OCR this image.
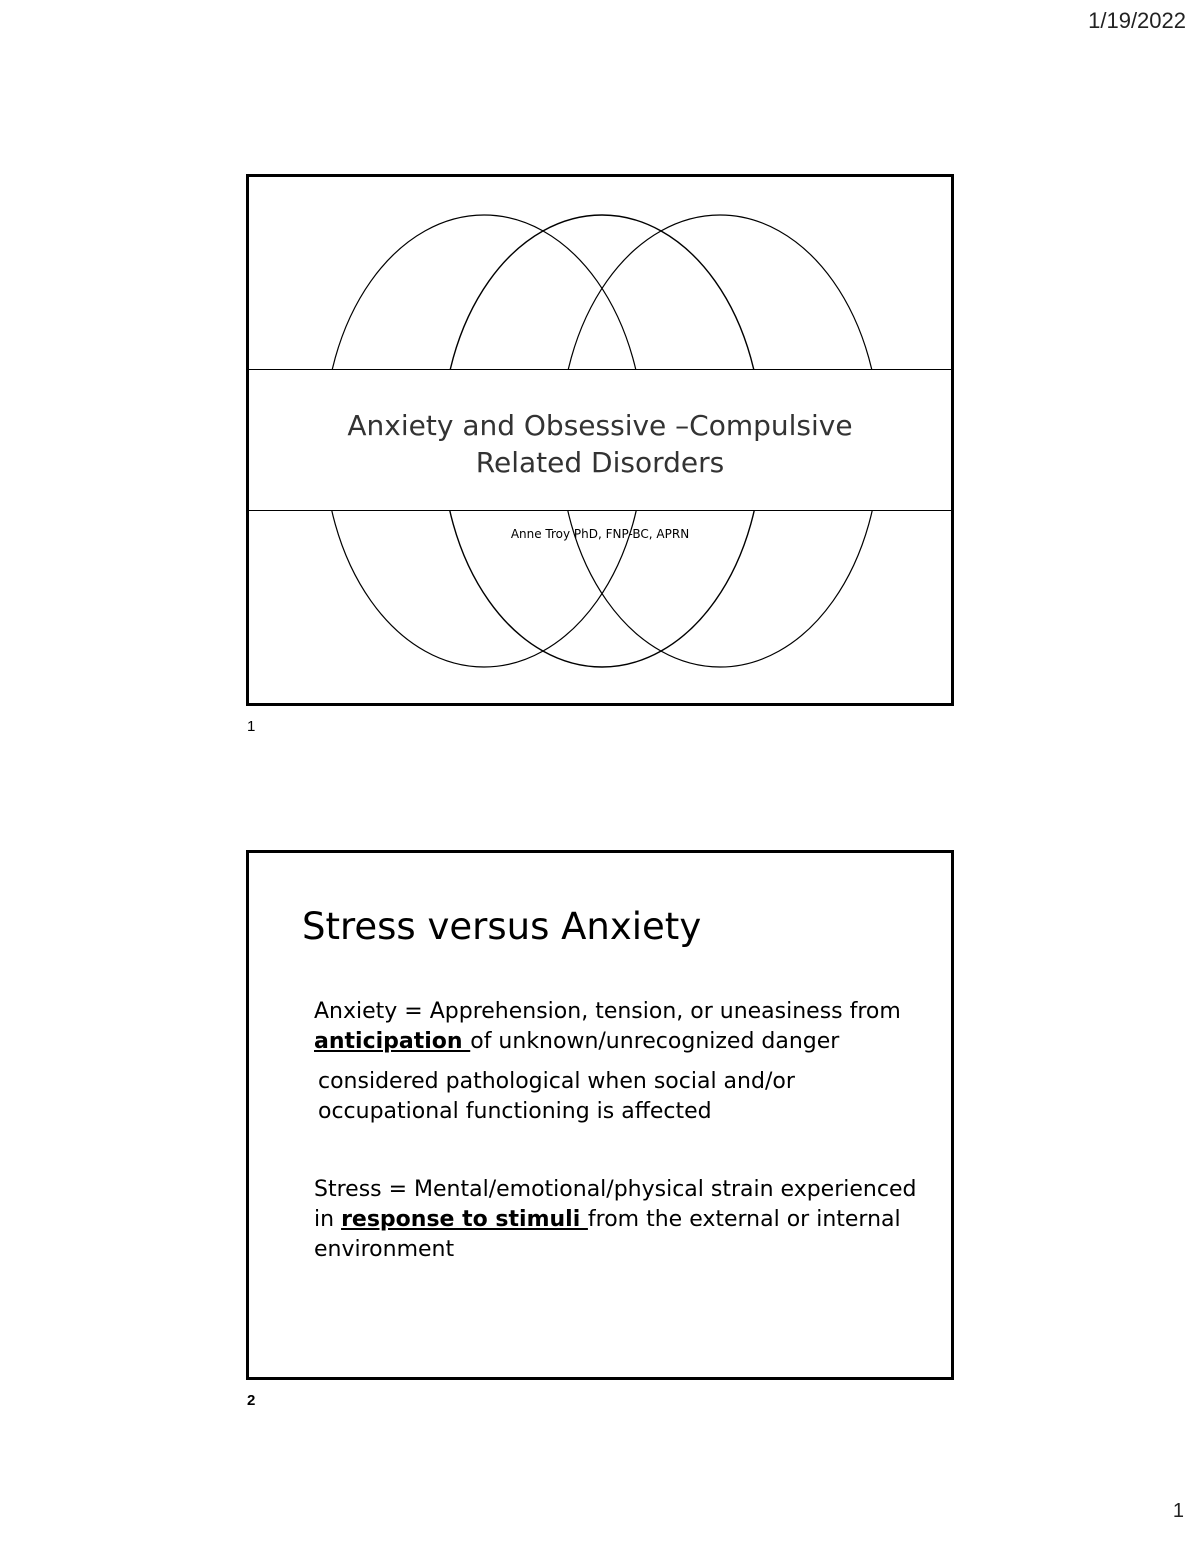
1/19/2022
Anxiety and Obsessive –Compulsive
Related Disorders
Anne Troy PhD, FNP-BC, APRN
1
Stress versus Anxiety

Anxiety = Apprehension, tension, or uneasiness from anticipation of unknown/unrecognized danger

considered pathological when social and/or occupational functioning is affected

Stress = Mental/emotional/physical strain experienced in response to stimuli from the external or internal environment

2
1
